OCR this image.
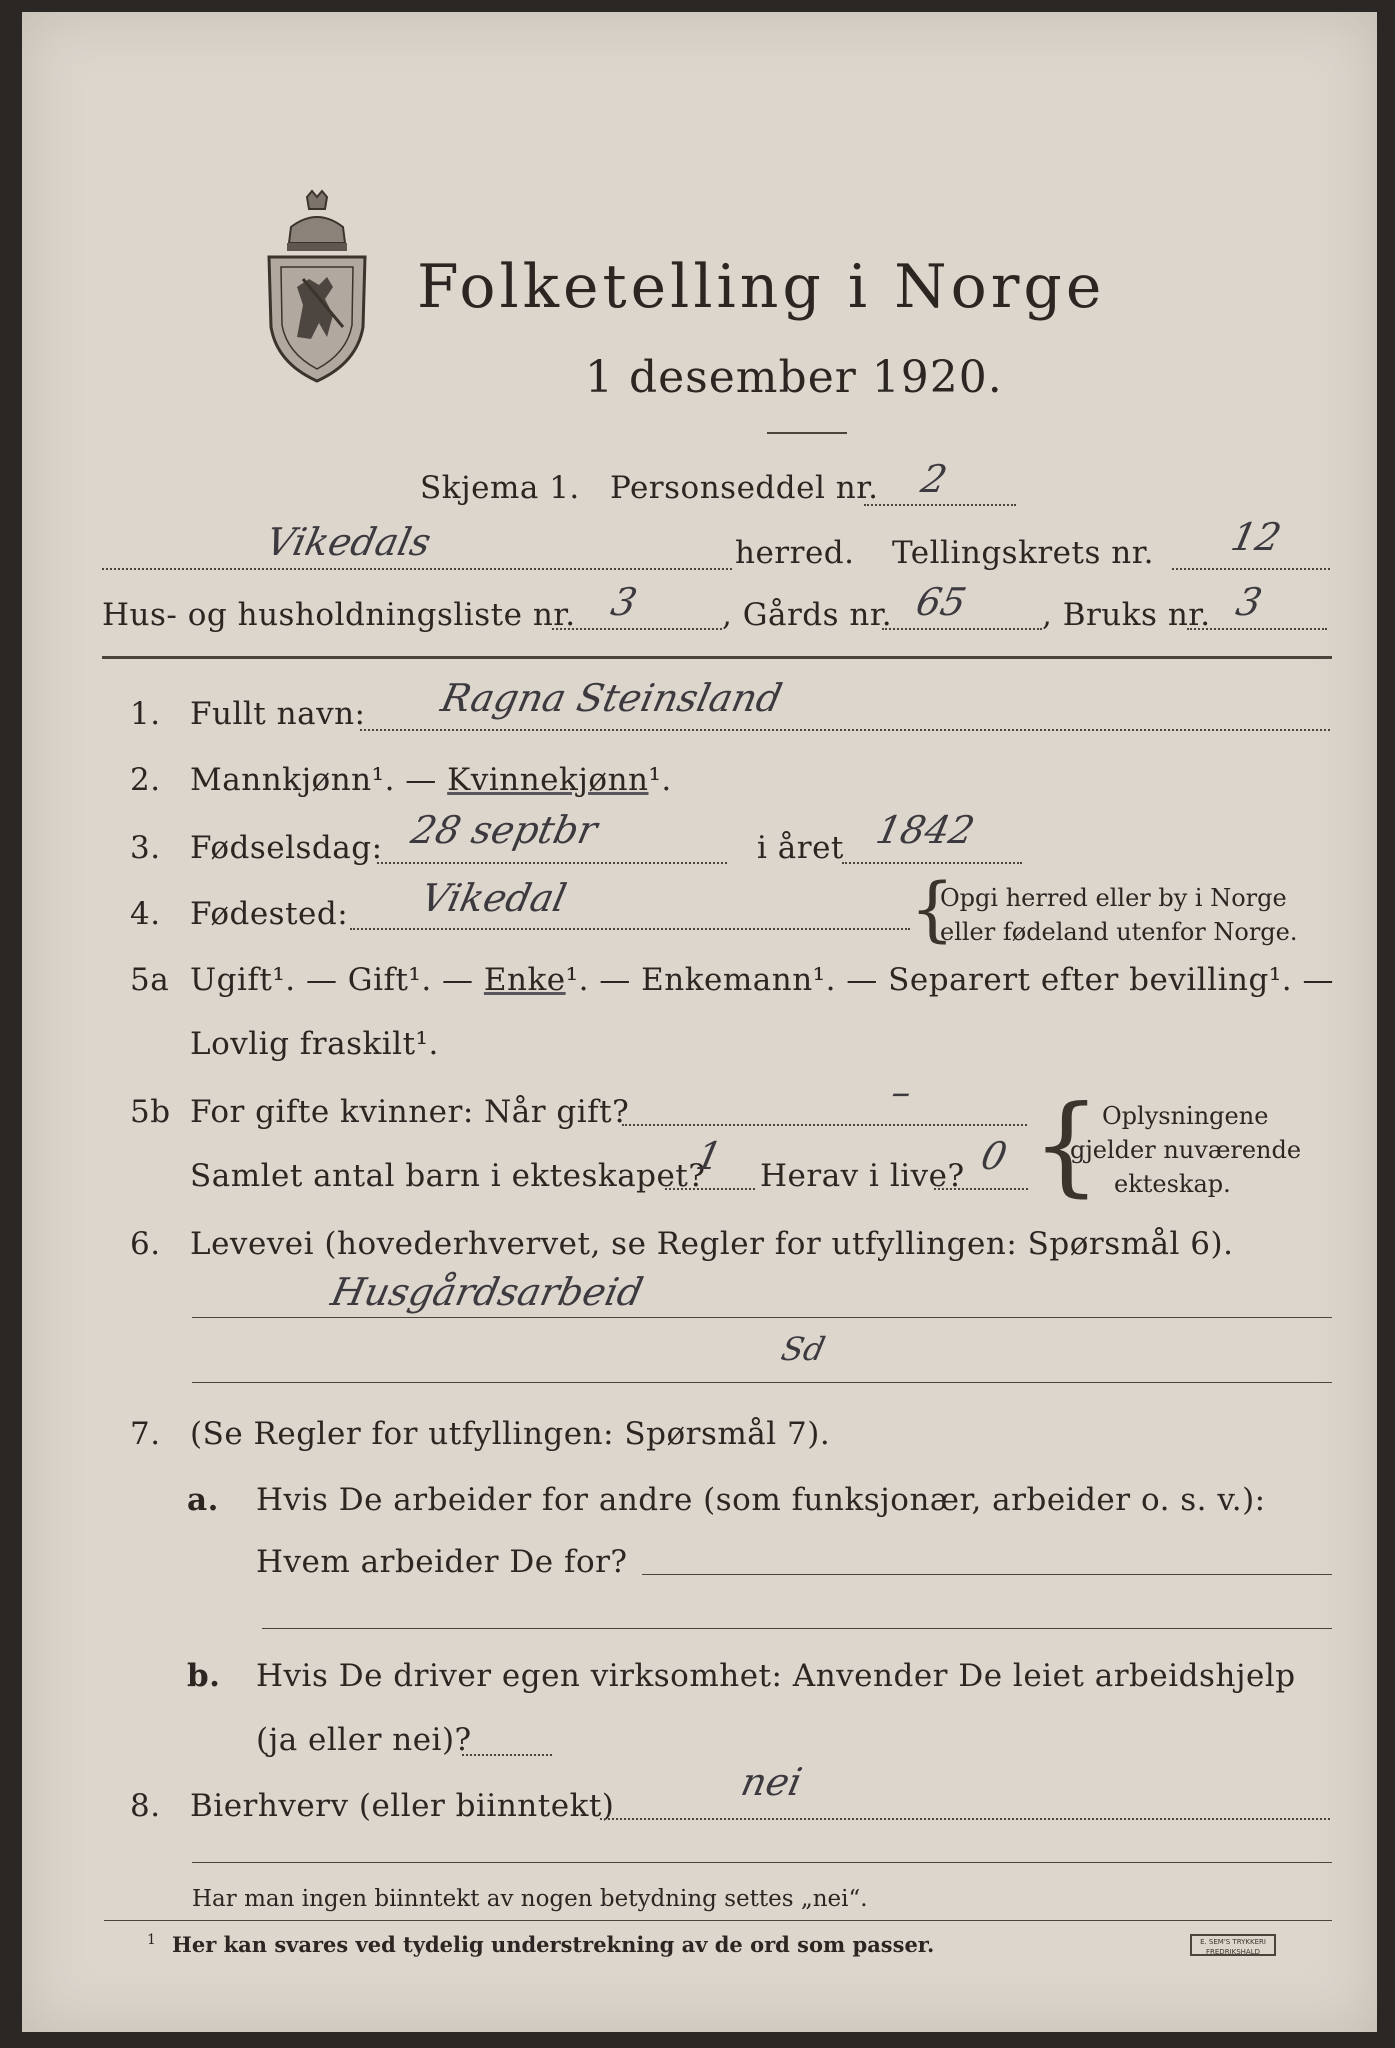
Folketelling i Norge
1 desember 1920.
Skjema 1. Personseddel nr. 2
Vikedals	herred. Tellingskrets nr. 12
Hus- og husholdningsliste nr. 3	, Gårds nr. 65 , Bruks nr. 3
1. Fullt navn: Ragna Steinsland
2. Mannkjønn¹. — Kvinnekjønn¹.
3. Fødselsdag: 28 septbr	i året 1842
4. Fødested: Vikedal	{
Opgi herred eller by i Norge
eller fødeland utenfor Norge.
5a Ugift¹. — Gift¹. — Enke¹. — Enkemann¹. — Separert efter bevilling¹. —
Lovlig fraskilt¹.
5b For gifte kvinner: Når gift?	–
Samlet antal barn i ekteskapet?
1 Herav i live? 0 { Oplysningene
gjelder nuværende
ekteskap.
6. Levevei (hovederhvervet, se Regler for utfyllingen: Spørsmål 6).
Husgårdsarbeid
Sd
7. (Se Regler for utfyllingen: Spørsmål 7).
a. Hvis De arbeider for andre (som funksjonær, arbeider o. s. v.):
Hvem arbeider De for?
b. Hvis De driver egen virksomhet: Anvender De leiet arbeidshjelp
(ja eller nei)?
8. Bierhverv (eller biinntekt)
nei
Har man ingen biinntekt av nogen betydning settes „nei“.
1 Her kan svares ved tydelig understrekning av de ord som passer.	E. SEM'S TRYKKERI
FREDRIKSHALD
